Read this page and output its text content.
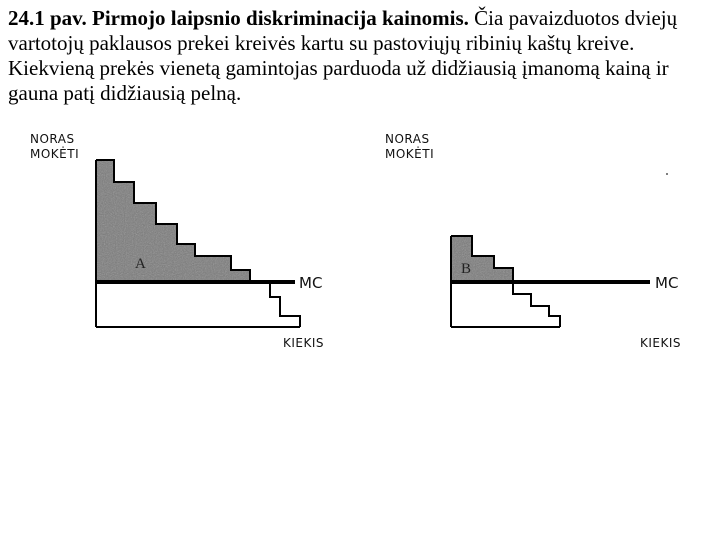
24.1 pav. Pirmojo laipsnio diskriminacija kainomis. Čia pavaizduotos dviejų vartotojų paklausos prekei kreivės kartu su pastoviųjų ribinių kaštų kreive. Kiekvieną prekės vienetą gamintojas parduoda už didžiausią įmanomą kainą ir gauna patį didžiausią pelną.
NORAS
MOKĖTI
MC
A
KIEKIS
NORAS
MOKĖTI
MC
B
KIEKIS
